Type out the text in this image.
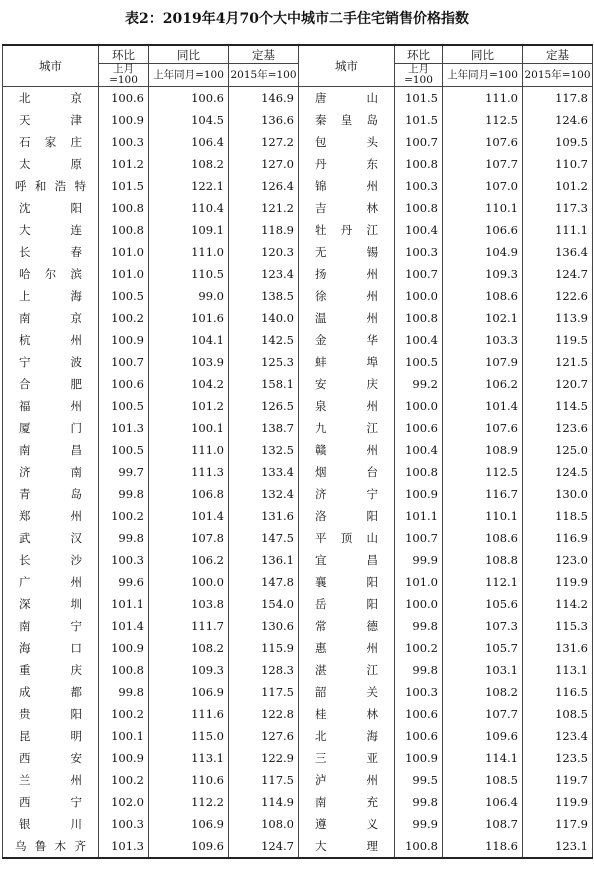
表2：2019年4月70个大中城市二手住宅销售价格指数
城市	环比	同比	定基	城市	环比	同比	定基
	上月=100	上年同月=100	2015年=100		上月=100	上年同月=100	2015年=100
北　京	100.6	100.6	146.9	唐　山	101.5	111.0	117.8
天　津	100.9	104.5	136.6	秦皇岛	101.5	112.5	124.6
石家庄	100.3	106.4	127.2	包　头	100.7	107.6	109.5
太　原	101.2	108.2	127.0	丹　东	100.8	107.7	110.7
呼和浩特	101.5	122.1	126.4	锦　州	100.3	107.0	101.2
沈　阳	100.8	110.4	121.2	吉　林	100.8	110.1	117.3
大　连	100.8	109.1	118.9	牡丹江	100.4	106.6	111.1
长　春	101.0	111.0	120.3	无　锡	100.3	104.9	136.4
哈尔滨	101.0	110.5	123.4	扬　州	100.7	109.3	124.7
上　海	100.5	99.0	138.5	徐　州	100.0	108.6	122.6
南　京	100.2	101.6	140.0	温　州	100.8	102.1	113.9
杭　州	100.9	104.1	142.5	金　华	100.4	103.3	119.5
宁　波	100.7	103.9	125.3	蚌　埠	100.5	107.9	121.5
合　肥	100.6	104.2	158.1	安　庆	99.2	106.2	120.7
福　州	100.5	101.2	126.5	泉　州	100.0	101.4	114.5
厦　门	101.3	100.1	138.7	九　江	100.6	107.6	123.6
南　昌	100.5	111.0	132.5	赣　州	100.4	108.9	125.0
济　南	99.7	111.3	133.4	烟　台	100.8	112.5	124.5
青　岛	99.8	106.8	132.4	济　宁	100.9	116.7	130.0
郑　州	100.2	101.4	131.6	洛　阳	101.1	110.1	118.5
武　汉	99.8	107.8	147.5	平顶山	100.7	108.6	116.9
长　沙	100.3	106.2	136.1	宜　昌	99.9	108.8	123.0
广　州	99.6	100.0	147.8	襄　阳	101.0	112.1	119.9
深　圳	101.1	103.8	154.0	岳　阳	100.0	105.6	114.2
南　宁	101.4	111.7	130.6	常　德	99.8	107.3	115.3
海　口	100.9	108.2	115.9	惠　州	100.2	105.7	131.6
重　庆	100.8	109.3	128.3	湛　江	99.8	103.1	113.1
成　都	99.8	106.9	117.5	韶　关	100.3	108.2	116.5
贵　阳	100.2	111.6	122.8	桂　林	100.6	107.7	108.5
昆　明	100.1	115.0	127.6	北　海	100.6	109.6	123.4
西　安	100.9	113.1	122.9	三　亚	100.9	114.1	123.5
兰　州	100.2	110.6	117.5	泸　州	99.5	108.5	119.7
西　宁	102.0	112.2	114.9	南　充	99.8	106.4	119.9
银　川	100.3	106.9	108.0	遵　义	99.9	108.7	117.9
乌鲁木齐	101.3	109.6	124.7	大　理	100.8	118.6	123.1
